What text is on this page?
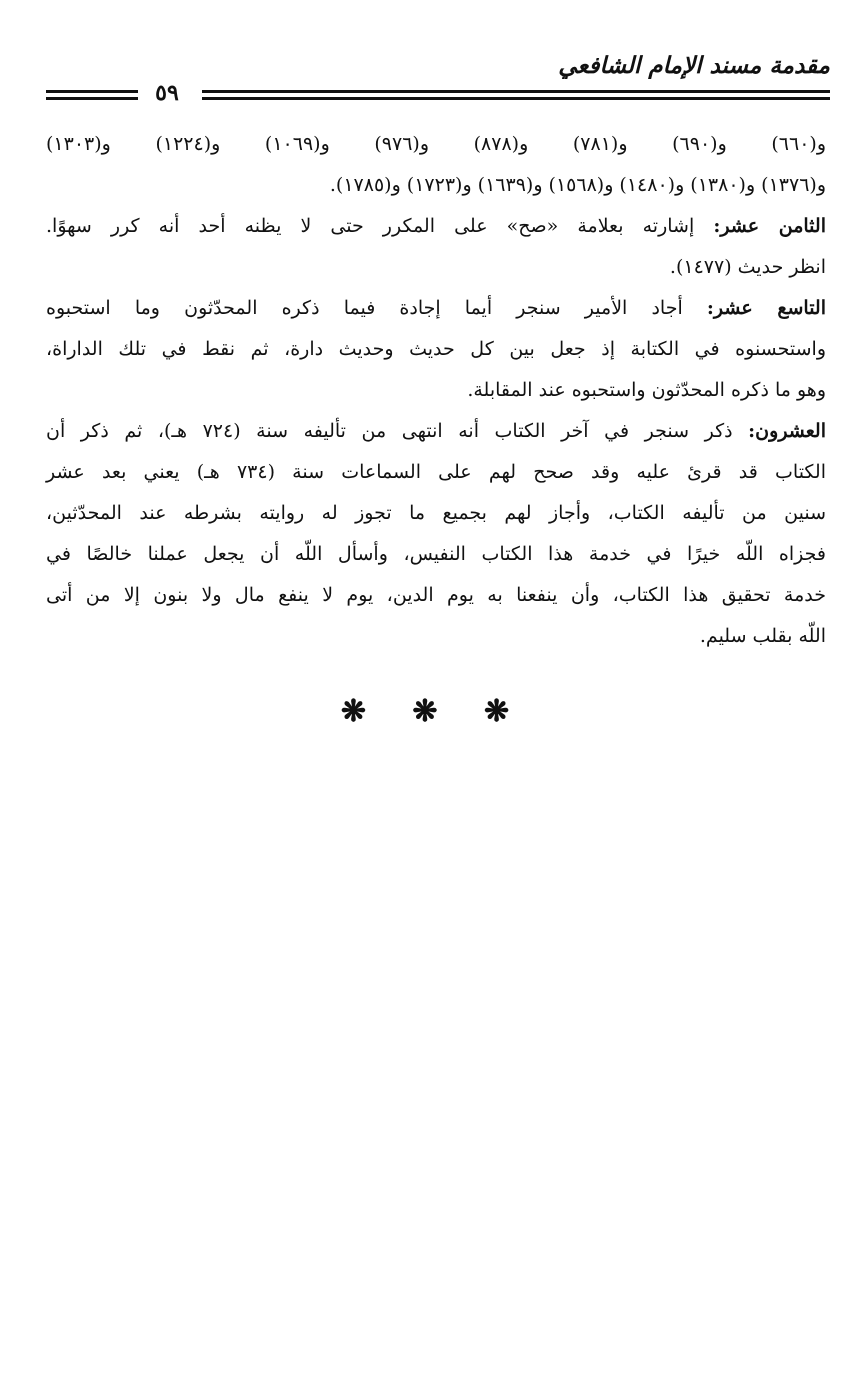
مقدمة مسند الإمام الشافعي
٥٩

و(٦٦٠) و(٦٩٠) و(٧٨١) و(٨٧٨) و(٩٧٦) و(١٠٦٩) و(١٢٢٤) و(١٣٠٣)
و(١٣٧٦) و(١٣٨٠) و(١٤٨٠) و(١٥٦٨) و(١٦٣٩) و(١٧٢٣) و(١٧٨٥).

الثامن عشر: إشارته بعلامة «صح» على المكرر حتى لا يظنه أحد أنه كرر سهوًا.
انظر حديث (١٤٧٧).

التاسع عشر: أجاد الأمير سنجر أيما إجادة فيما ذكره المحدّثون وما استحبوه
واستحسنوه في الكتابة إذ جعل بين كل حديث وحديث دارة، ثم نقط في تلك الداراة،
وهو ما ذكره المحدّثون واستحبوه عند المقابلة.

العشرون: ذكر سنجر في آخر الكتاب أنه انتهى من تأليفه سنة (٧٢٤ هـ)، ثم ذكر أن
الكتاب قد قرئ عليه وقد صحح لهم على السماعات سنة (٧٣٤ هـ) يعني بعد عشر
سنين من تأليفه الكتاب، وأجاز لهم بجميع ما تجوز له روايته بشرطه عند المحدّثين،
فجزاه اللّه خيرًا في خدمة هذا الكتاب النفيس، وأسأل اللّه أن يجعل عملنا خالصًا في
خدمة تحقيق هذا الكتاب، وأن ينفعنا به يوم الدين، يوم لا ينفع مال ولا بنون إلا من أتى
اللّه بقلب سليم.

❋ ❋ ❋
